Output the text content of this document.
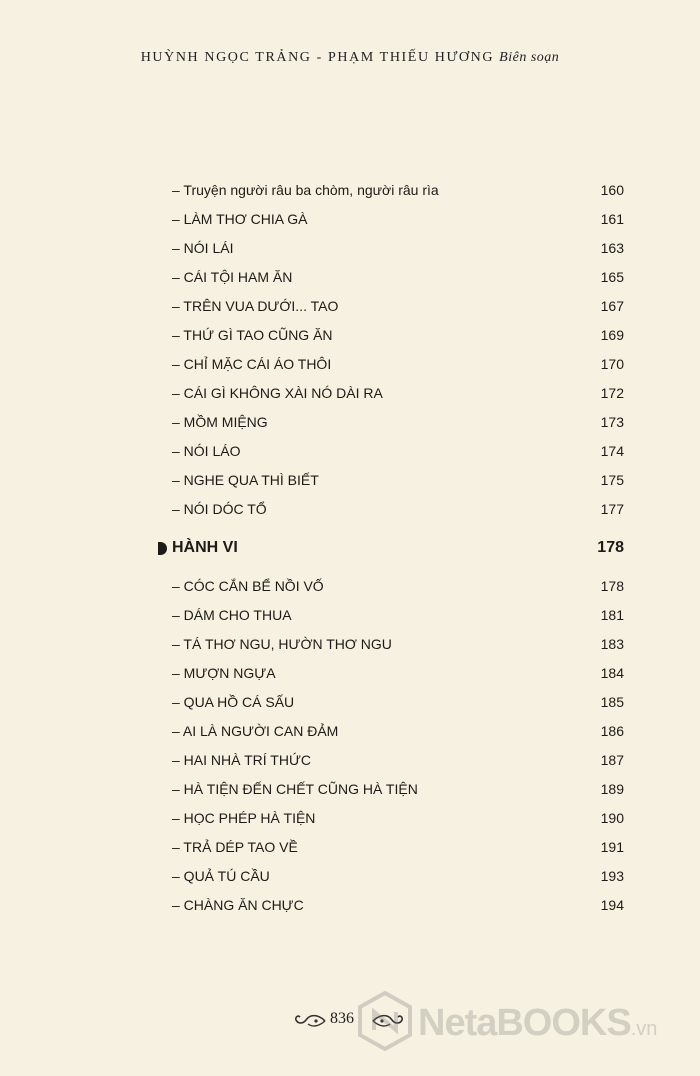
HUỲNH NGỌC TRẢNG - PHẠM THIẾU HƯƠNG Biên soạn
– Truyện người râu ba chòm, người râu rìa	160
– LÀM THƠ CHIA GÀ	161
– NÓI LÁI	163
– CÁI TỘI HAM ĂN	165
– TRÊN VUA DƯỚI... TAO	167
– THỨ GÌ TAO CŨNG ĂN	169
– CHỈ MẶC CÁI ÁO THÔI	170
– CÁI GÌ KHÔNG XÀI NÓ DÀI RA	172
– MỒM MIỆNG	173
– NÓI LÁO	174
– NGHE QUA THÌ BIẾT	175
– NÓI DÓC TỔ	177
HÀNH VI	178
– CÓC CẮN BỂ NỒI VỐ	178
– DÁM CHO THUA	181
– TÁ THƠ NGU, HƯỜN THƠ NGU	183
– MƯỢN NGỰA	184
– QUA HỒ CÁ SẤU	185
– AI LÀ NGƯỜI CAN ĐẢM	186
– HAI NHÀ TRÍ THỨC	187
– HÀ TIỆN ĐẾN CHẾT CŨNG HÀ TIỆN	189
– HỌC PHÉP HÀ TIỆN	190
– TRẢ DÉP TAO VỀ	191
– QUẢ TÚ CẦU	193
– CHÀNG ĂN CHỰC	194
836 NetaBOOKS.vn
